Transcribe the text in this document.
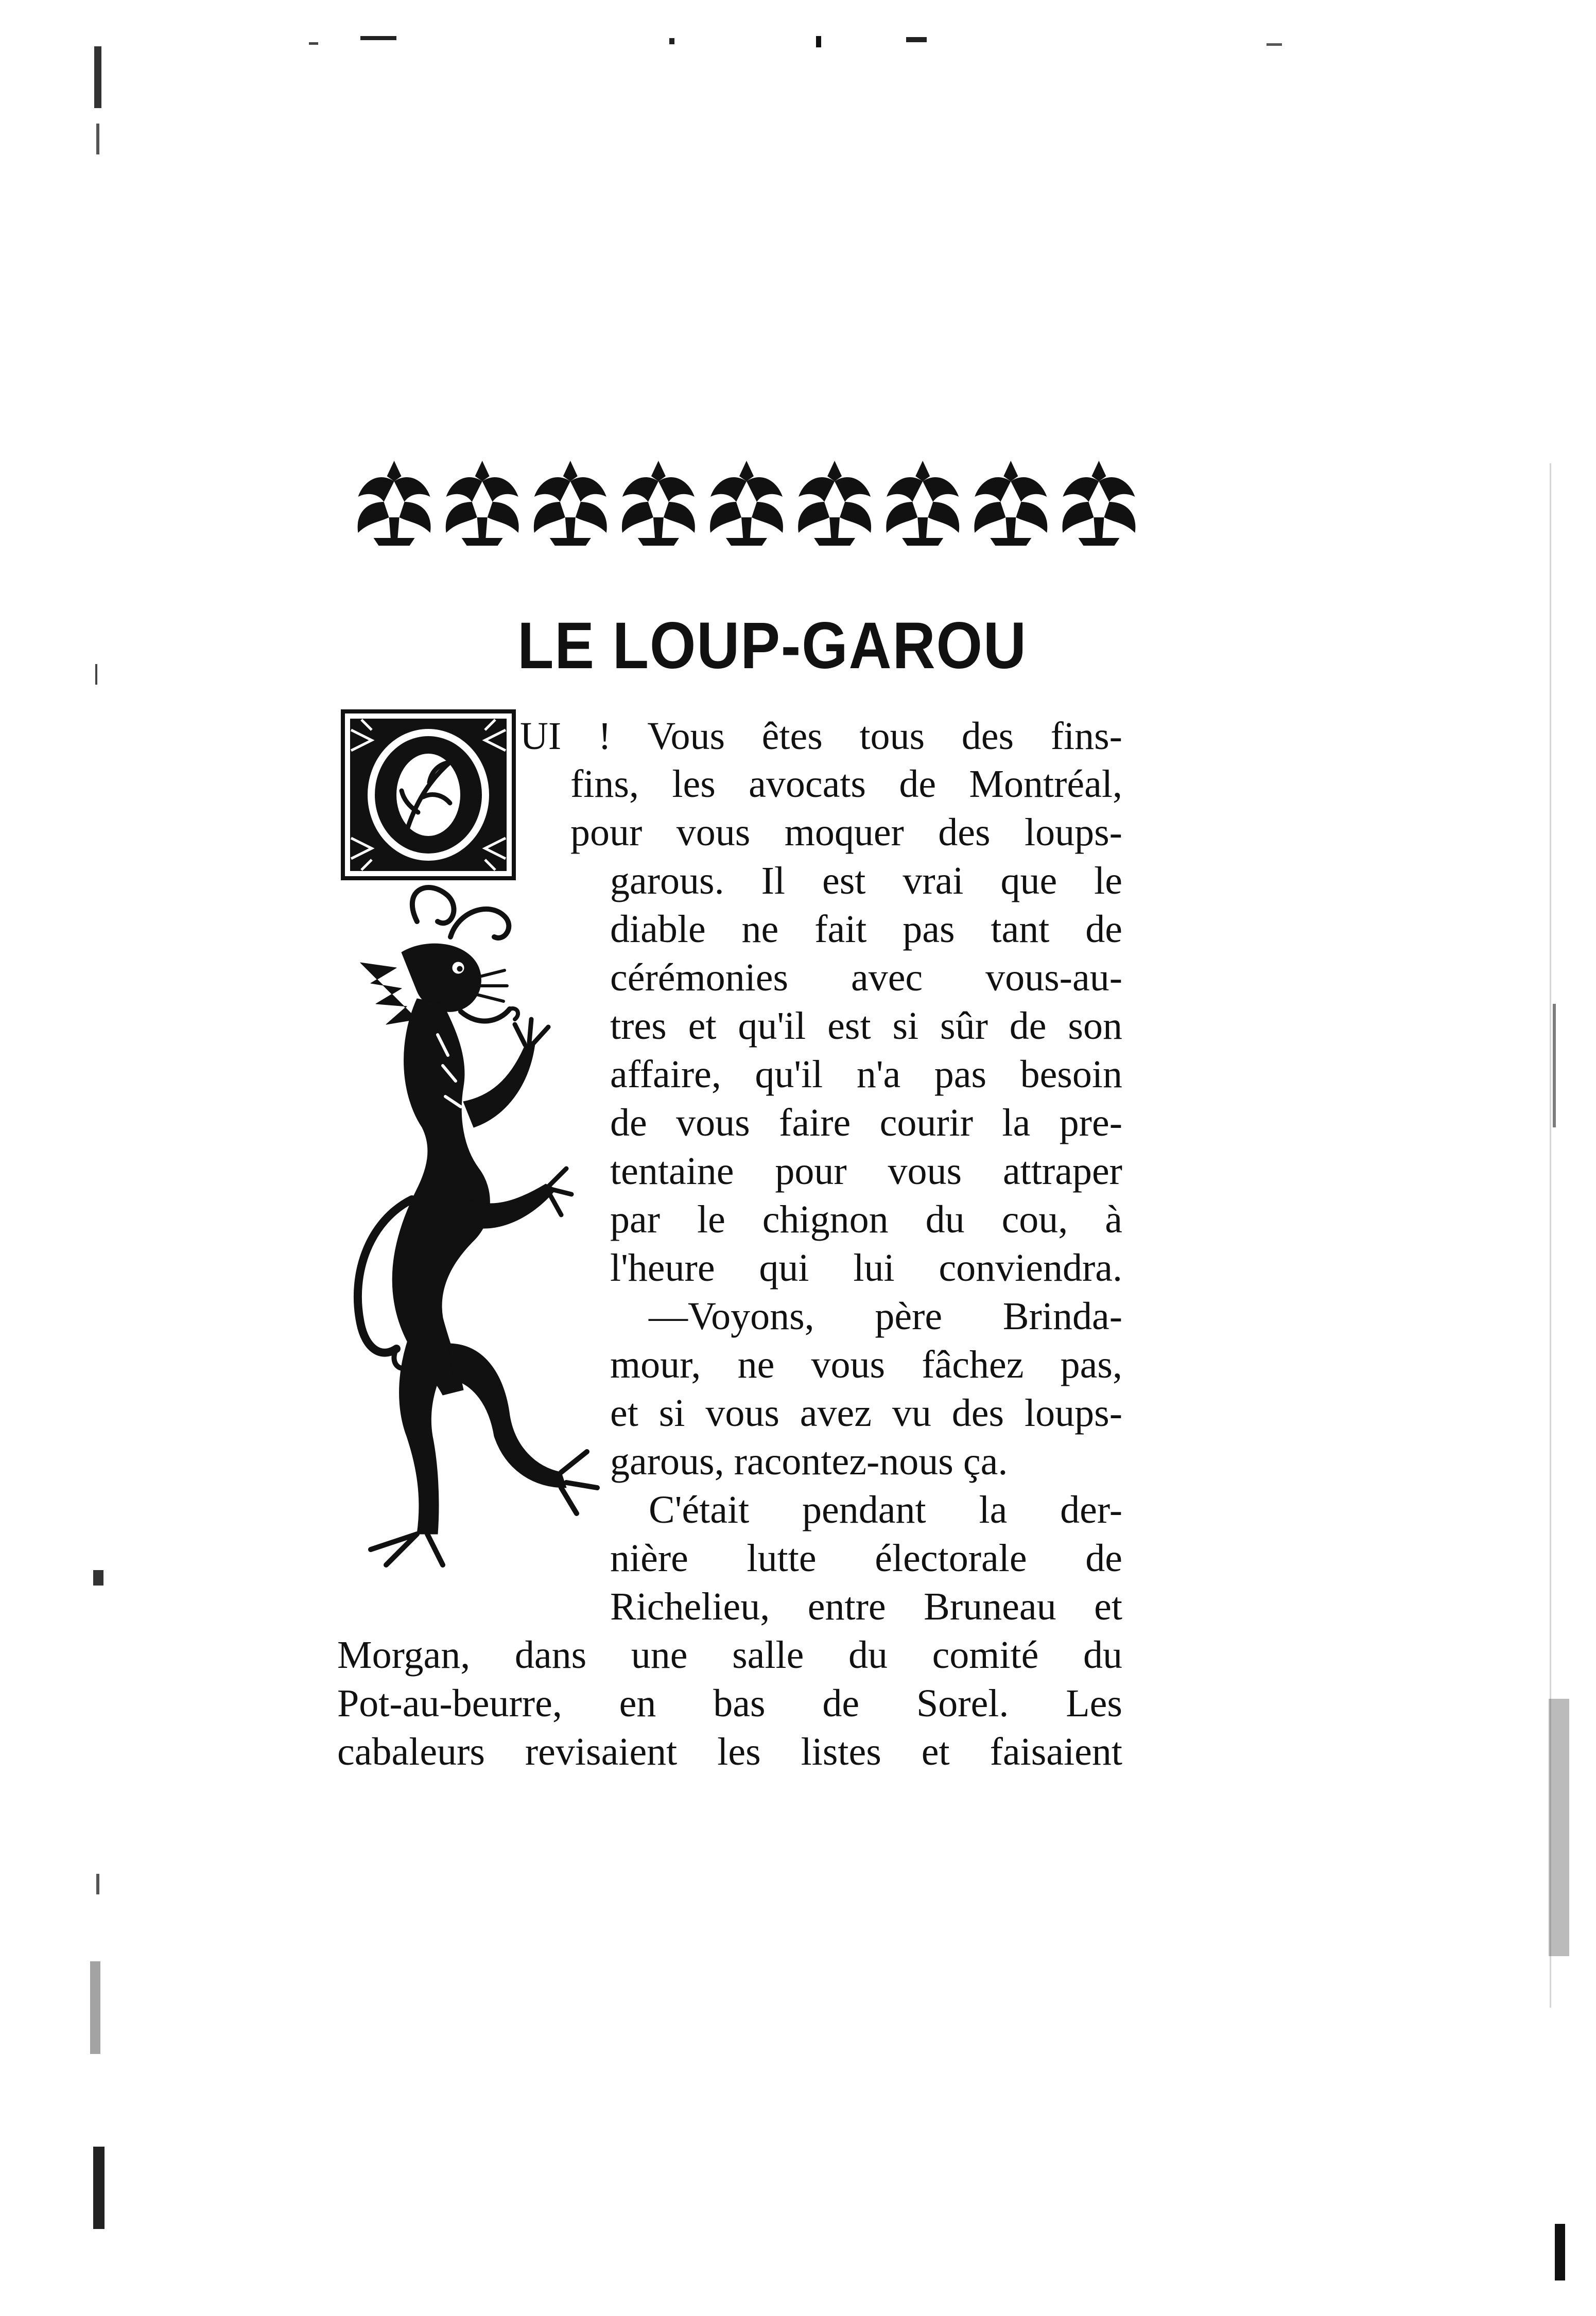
LE LOUP-GAROU
UI ! Vous êtes tous des fins-
fins, les avocats de Montréal,
pour vous moquer des loups-
garous. Il est vrai que le
diable ne fait pas tant de
cérémonies avec vous-au-
tres et qu'il est si sûr de son
affaire, qu'il n'a pas besoin
de vous faire courir la pre-
tentaine pour vous attraper
par le chignon du cou, à
l'heure qui lui conviendra.
—Voyons, père Brinda-
mour, ne vous fâchez pas,
et si vous avez vu des loups-
garous, racontez-nous ça.
C'était pendant la der-
nière lutte électorale de
Richelieu, entre Bruneau et
Morgan, dans une salle du comité du
Pot-au-beurre, en bas de Sorel. Les
cabaleurs revisaient les listes et faisaient
